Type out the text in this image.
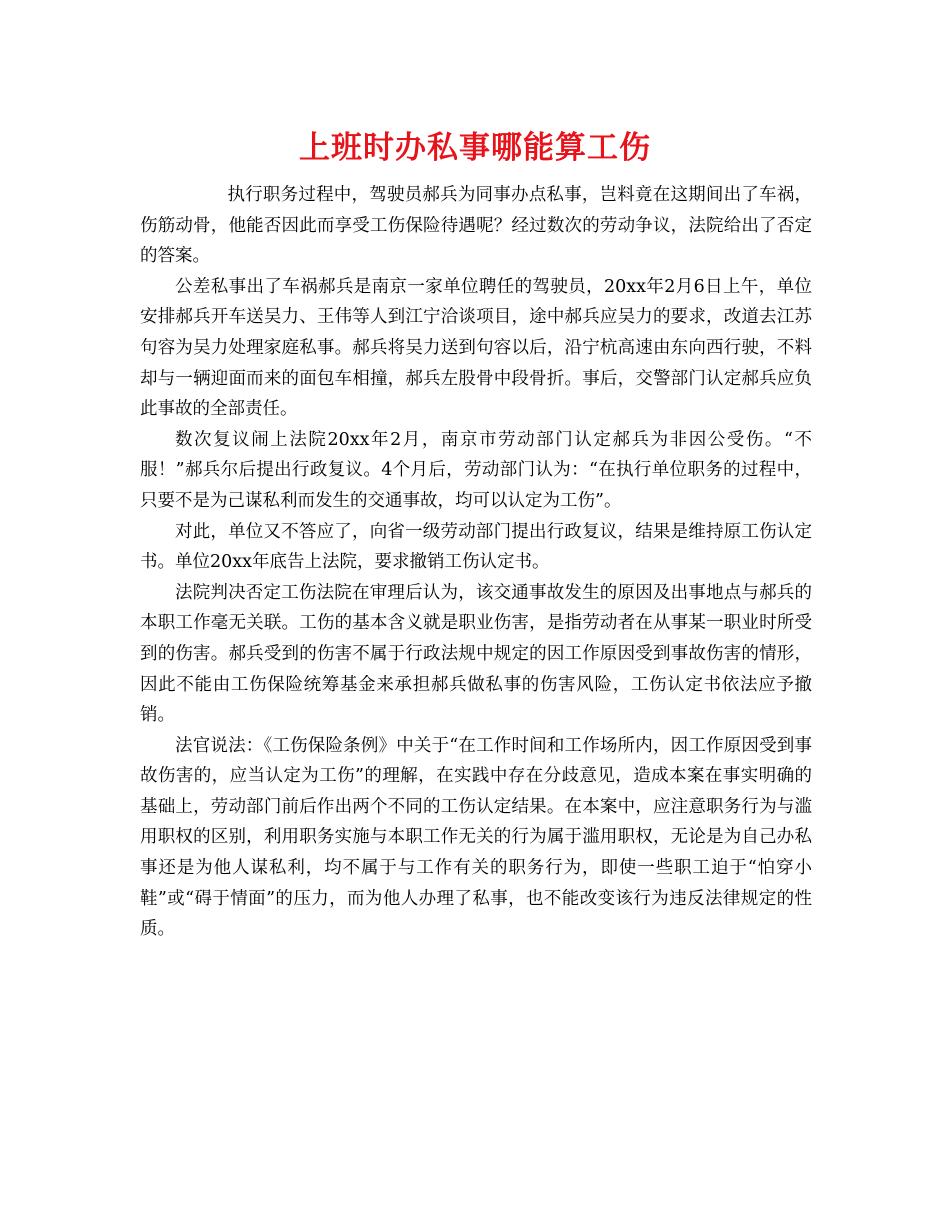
上班时办私事哪能算工伤

执行职务过程中，驾驶员郝兵为同事办点私事，岂料竟在这期间出了车祸，伤筋动骨，他能否因此而享受工伤保险待遇呢？经过数次的劳动争议，法院给出了否定的答案。

公差私事出了车祸郝兵是南京一家单位聘任的驾驶员，20xx年2月6日上午，单位安排郝兵开车送吴力、王伟等人到江宁洽谈项目，途中郝兵应吴力的要求，改道去江苏句容为吴力处理家庭私事。郝兵将吴力送到句容以后，沿宁杭高速由东向西行驶，不料却与一辆迎面而来的面包车相撞，郝兵左股骨中段骨折。事后，交警部门认定郝兵应负此事故的全部责任。

数次复议闹上法院20xx年2月，南京市劳动部门认定郝兵为非因公受伤。“不服！”郝兵尔后提出行政复议。4个月后，劳动部门认为：“在执行单位职务的过程中，只要不是为己谋私利而发生的交通事故，均可以认定为工伤”。

对此，单位又不答应了，向省一级劳动部门提出行政复议，结果是维持原工伤认定书。单位20xx年底告上法院，要求撤销工伤认定书。

法院判决否定工伤法院在审理后认为，该交通事故发生的原因及出事地点与郝兵的本职工作毫无关联。工伤的基本含义就是职业伤害，是指劳动者在从事某一职业时所受到的伤害。郝兵受到的伤害不属于行政法规中规定的因工作原因受到事故伤害的情形，因此不能由工伤保险统筹基金来承担郝兵做私事的伤害风险，工伤认定书依法应予撤销。

法官说法：《工伤保险条例》中关于“在工作时间和工作场所内，因工作原因受到事故伤害的，应当认定为工伤”的理解，在实践中存在分歧意见，造成本案在事实明确的基础上，劳动部门前后作出两个不同的工伤认定结果。在本案中，应注意职务行为与滥用职权的区别，利用职务实施与本职工作无关的行为属于滥用职权，无论是为自己办私事还是为他人谋私利，均不属于与工作有关的职务行为，即使一些职工迫于“怕穿小鞋”或“碍于情面”的压力，而为他人办理了私事，也不能改变该行为违反法律规定的性质。
